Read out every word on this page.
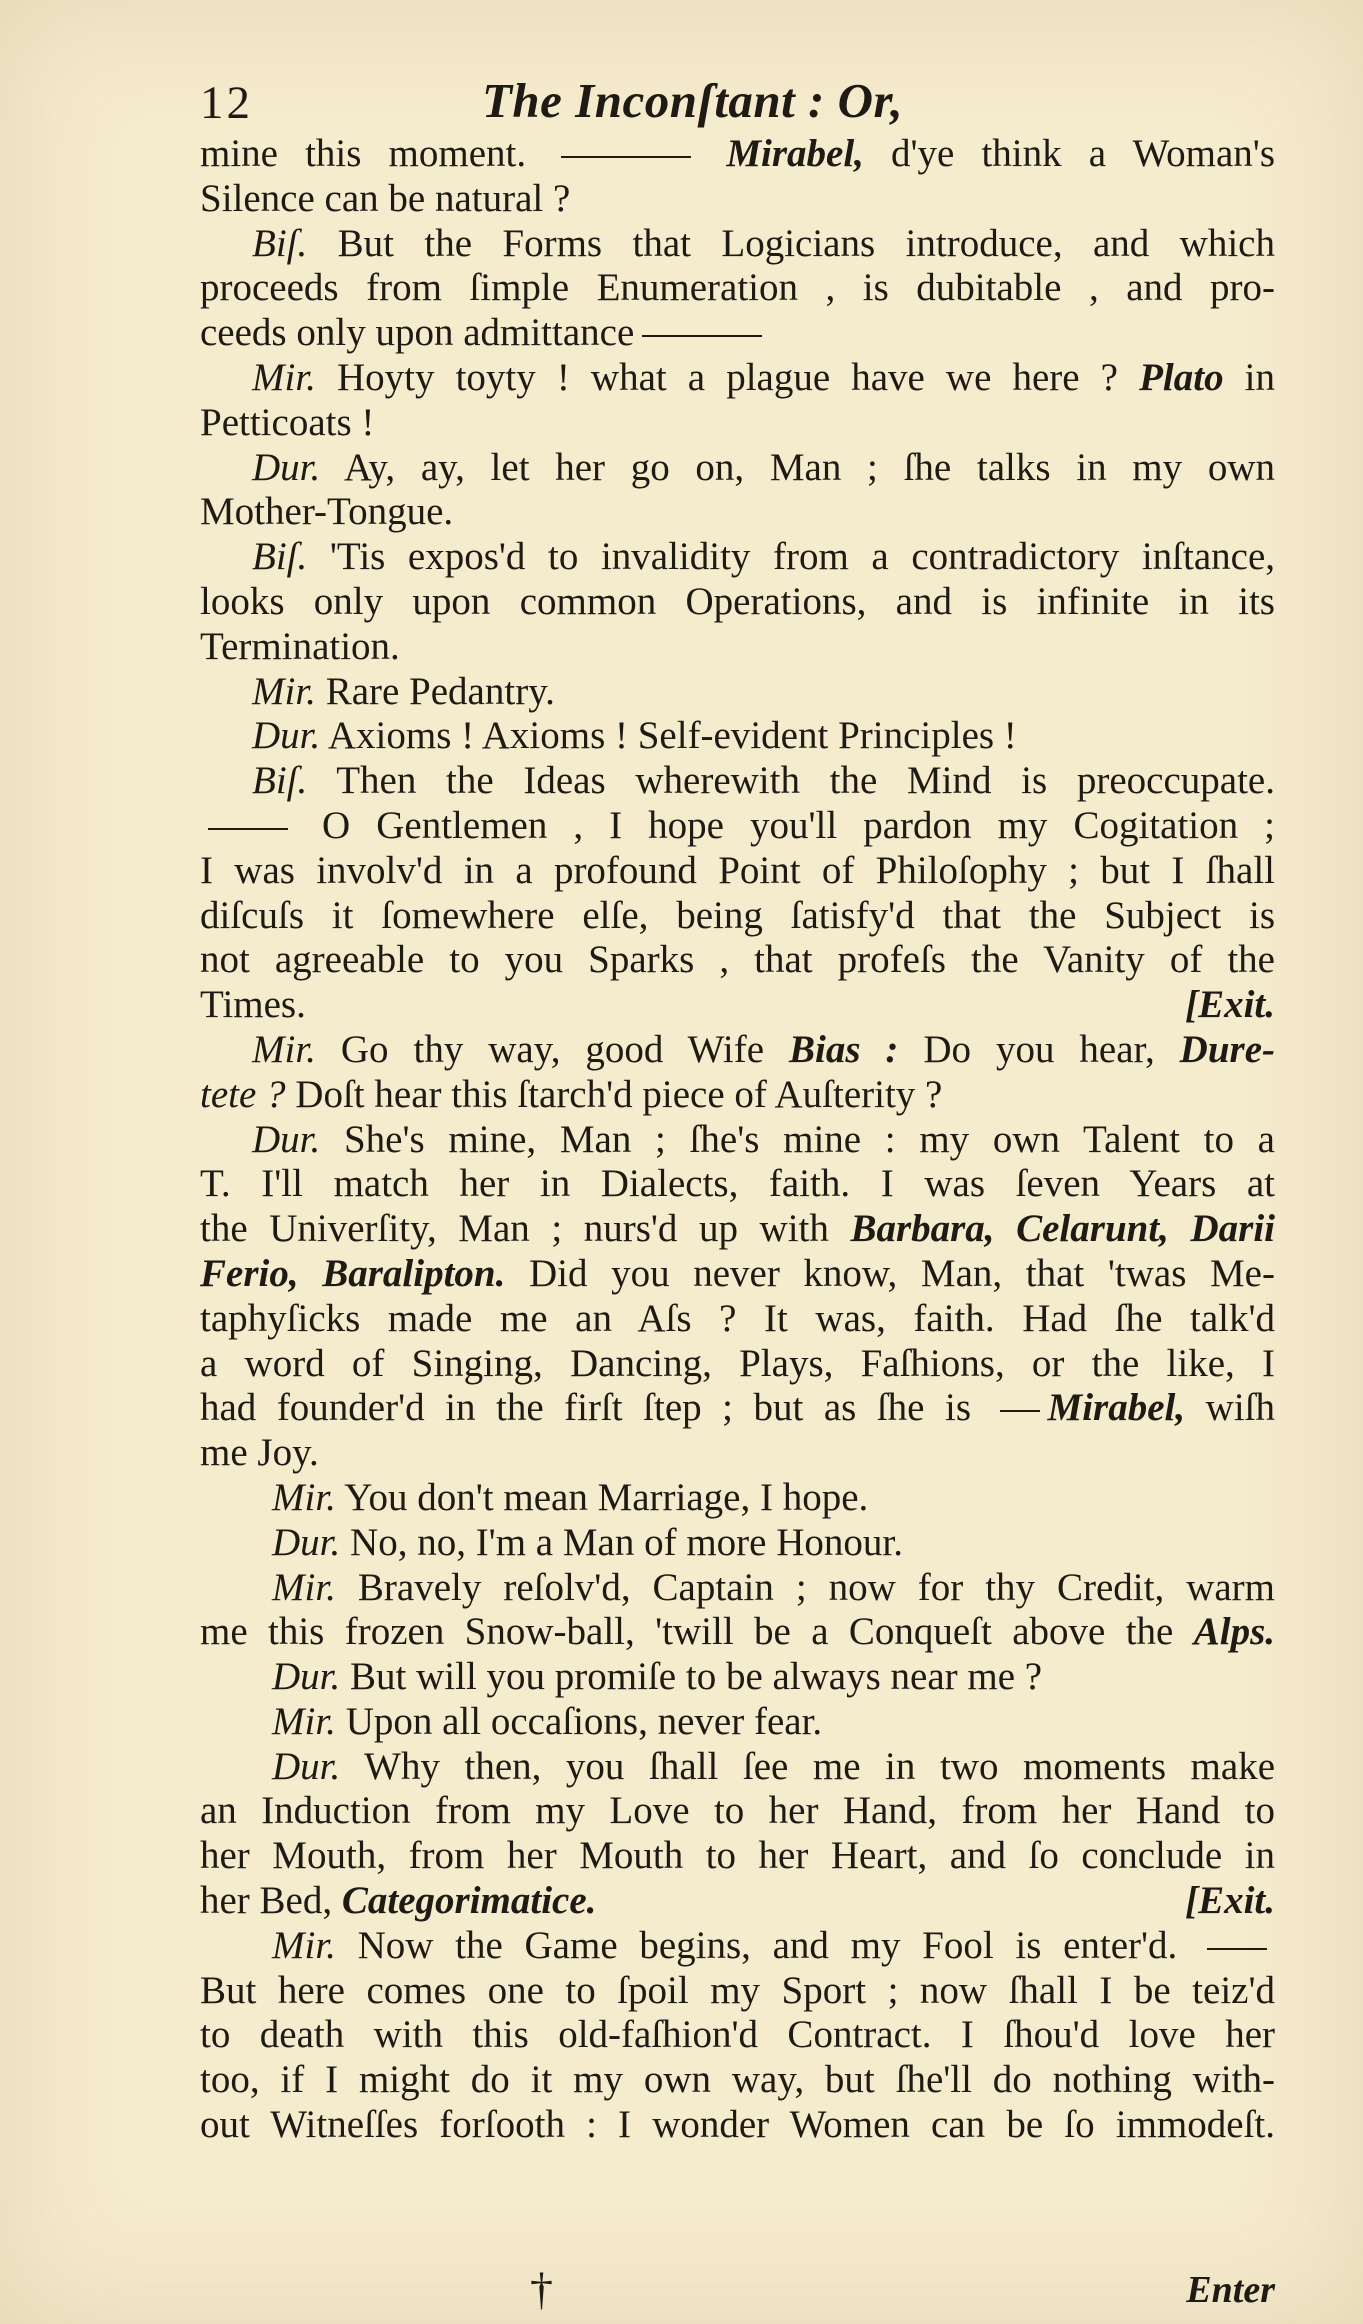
12	The Inconſtant : Or,
mine this moment.	Mirabel, d'ye think a Woman's
Silence can be natural ?
Biſ. But the Forms that Logicians introduce, and which
proceeds from ſimple Enumeration , is dubitable , and pro-
ceeds only upon admittance
Mir. Hoyty toyty ! what a plague have we here ? Plato in
Petticoats !
Dur. Ay, ay, let her go on, Man ; ſhe talks in my own
Mother-Tongue.
Biſ. 'Tis expos'd to invalidity from a contradictory inſtance,
looks only upon common Operations, and is infinite in its
Termination.
Mir. Rare Pedantry.
Dur. Axioms ! Axioms ! Self-evident Principles !
Biſ. Then the Ideas wherewith the Mind is preoccupate.
O Gentlemen , I hope you'll pardon my Cogitation ;
I was involv'd in a profound Point of Philoſophy ; but I ſhall
diſcuſs it ſomewhere elſe, being ſatisfy'd that the Subject is
not agreeable to you Sparks , that profeſs the Vanity of the
Times.	[Exit.
Mir. Go thy way, good Wife Bias : Do you hear, Dure-
tete ? Doſt hear this ſtarch'd piece of Auſterity ?
Dur. She's mine, Man ; ſhe's mine : my own Talent to a
T. I'll match her in Dialects, faith. I was ſeven Years at
the Univerſity, Man ; nurs'd up with Barbara, Celarunt, Darii
Ferio, Baralipton. Did you never know, Man, that 'twas Me-
taphyſicks made me an Aſs ? It was, faith. Had ſhe talk'd
a word of Singing, Dancing, Plays, Faſhions, or the like, I
had founder'd in the firſt ſtep ; but as ſhe is Mirabel, wiſh
me Joy.
Mir. You don't mean Marriage, I hope.
Dur. No, no, I'm a Man of more Honour.
Mir. Bravely reſolv'd, Captain ; now for thy Credit, warm
me this frozen Snow-ball, 'twill be a Conqueſt above the Alps.
Dur. But will you promiſe to be always near me ?
Mir. Upon all occaſions, never fear.
Dur. Why then, you ſhall ſee me in two moments make
an Induction from my Love to her Hand, from her Hand to
her Mouth, from her Mouth to her Heart, and ſo conclude in
her Bed, Categorimatice.	[Exit.
Mir. Now the Game begins, and my Fool is enter'd.
But here comes one to ſpoil my Sport ; now ſhall I be teiz'd
to death with this old-faſhion'd Contract. I ſhou'd love her
too, if I might do it my own way, but ſhe'll do nothing with-
out Witneſſes forſooth : I wonder Women can be ſo immodeſt.
†	Enter
